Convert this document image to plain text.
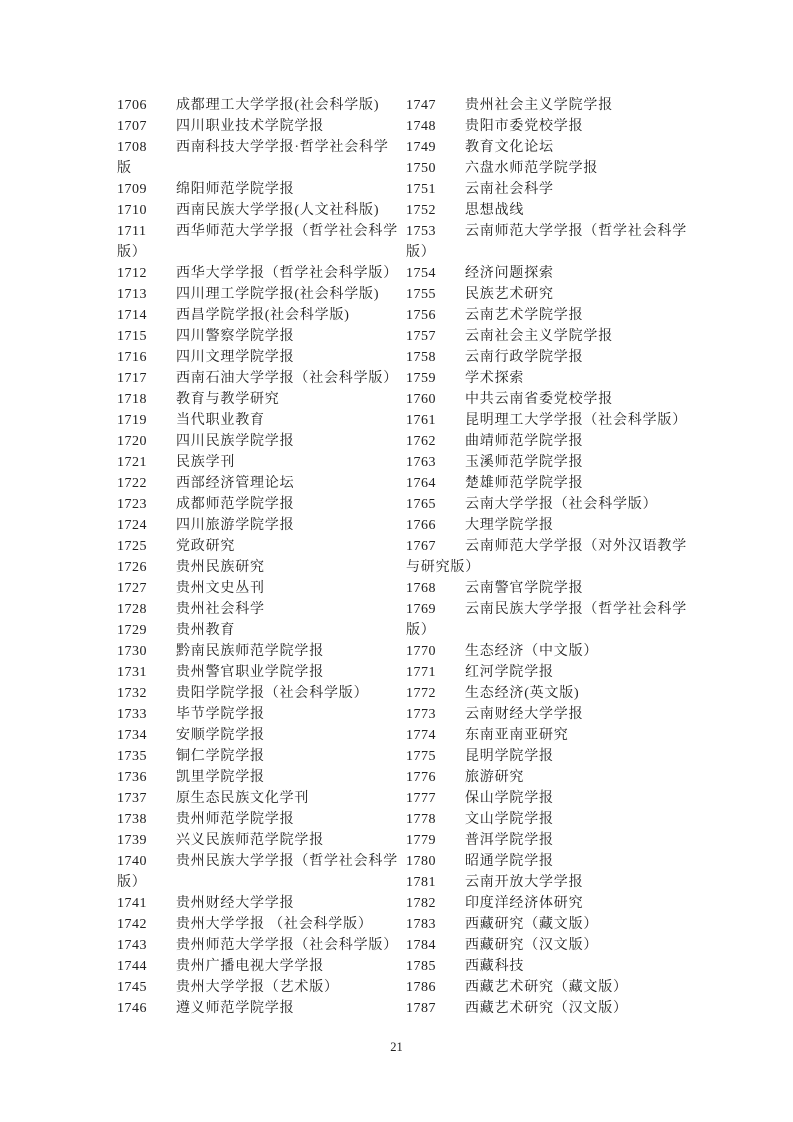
1706 成都理工大学学报(社会科学版)
1707 四川职业技术学院学报
1708 西南科技大学学报·哲学社会科学版
1709 绵阳师范学院学报
1710 西南民族大学学报(人文社科版)
1711 西华师范大学学报（哲学社会科学版）
1712 西华大学学报（哲学社会科学版）
1713 四川理工学院学报(社会科学版)
1714 西昌学院学报(社会科学版)
1715 四川警察学院学报
1716 四川文理学院学报
1717 西南石油大学学报（社会科学版）
1718 教育与教学研究
1719 当代职业教育
1720 四川民族学院学报
1721 民族学刊
1722 西部经济管理论坛
1723 成都师范学院学报
1724 四川旅游学院学报
1725 党政研究
1726 贵州民族研究
1727 贵州文史丛刊
1728 贵州社会科学
1729 贵州教育
1730 黔南民族师范学院学报
1731 贵州警官职业学院学报
1732 贵阳学院学报（社会科学版）
1733 毕节学院学报
1734 安顺学院学报
1735 铜仁学院学报
1736 凯里学院学报
1737 原生态民族文化学刊
1738 贵州师范学院学报
1739 兴义民族师范学院学报
1740 贵州民族大学学报（哲学社会科学版）
1741 贵州财经大学学报
1742 贵州大学学报 （社会科学版）
1743 贵州师范大学学报（社会科学版）
1744 贵州广播电视大学学报
1745 贵州大学学报（艺术版）
1746 遵义师范学院学报
1747 贵州社会主义学院学报
1748 贵阳市委党校学报
1749 教育文化论坛
1750 六盘水师范学院学报
1751 云南社会科学
1752 思想战线
1753 云南师范大学学报（哲学社会科学版）
1754 经济问题探索
1755 民族艺术研究
1756 云南艺术学院学报
1757 云南社会主义学院学报
1758 云南行政学院学报
1759 学术探索
1760 中共云南省委党校学报
1761 昆明理工大学学报（社会科学版）
1762 曲靖师范学院学报
1763 玉溪师范学院学报
1764 楚雄师范学院学报
1765 云南大学学报（社会科学版）
1766 大理学院学报
1767 云南师范大学学报（对外汉语教学与研究版）
1768 云南警官学院学报
1769 云南民族大学学报（哲学社会科学版）
1770 生态经济（中文版）
1771 红河学院学报
1772 生态经济(英文版)
1773 云南财经大学学报
1774 东南亚南亚研究
1775 昆明学院学报
1776 旅游研究
1777 保山学院学报
1778 文山学院学报
1779 普洱学院学报
1780 昭通学院学报
1781 云南开放大学学报
1782 印度洋经济体研究
1783 西藏研究（藏文版）
1784 西藏研究（汉文版）
1785 西藏科技
1786 西藏艺术研究（藏文版）
1787 西藏艺术研究（汉文版）
21
